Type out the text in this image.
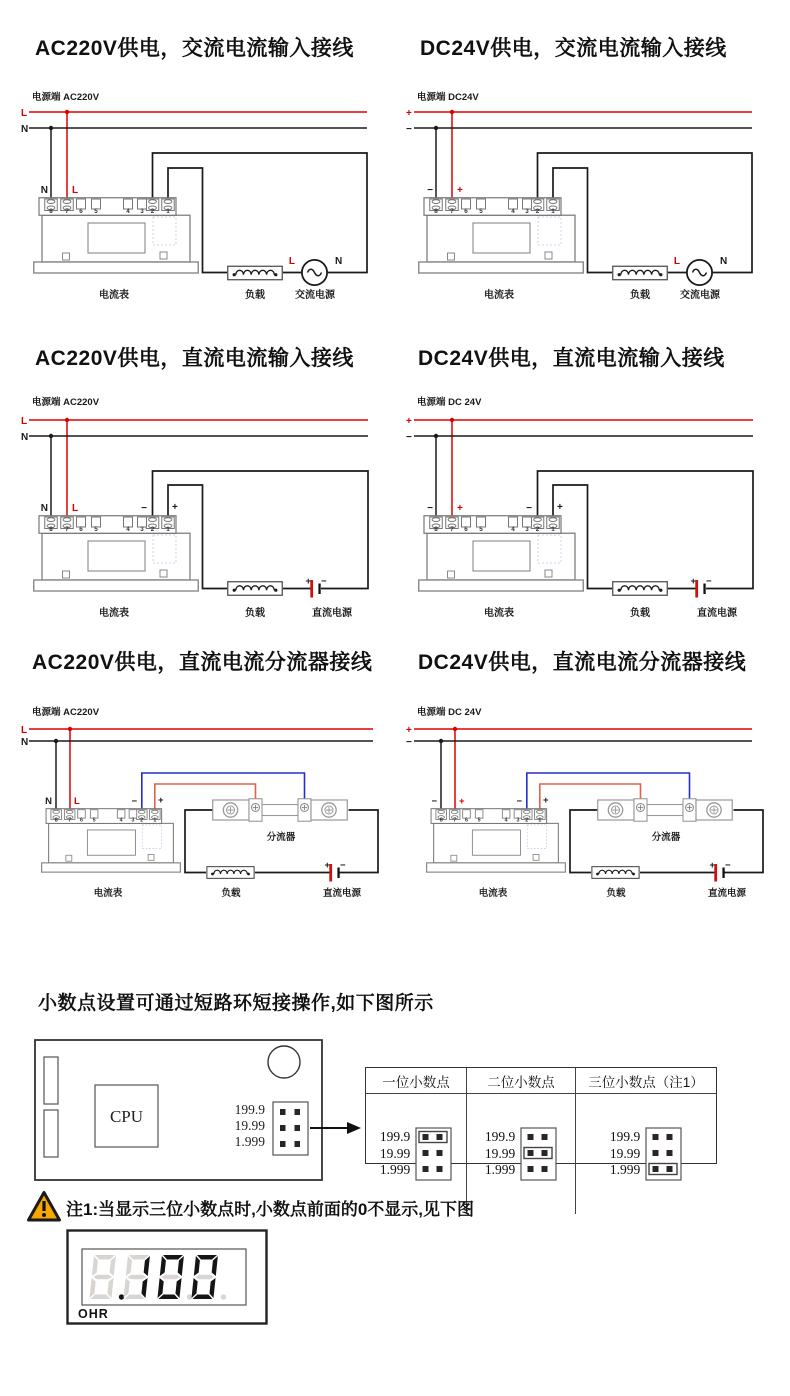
AC220V供电，交流电流输入接线	DC24V供电，交流电流输入接线
AC220V供电，直流电流输入接线	DC24V供电，直流电流输入接线
AC220V供电，直流电流分流器接线 DC24V供电，直流电流分流器接线
电源端 AC220V
L
N
N L
电流表	负载
L	N
交流电源
电源端 DC24V
+
−
− +
电流表	负载
L	N
交流电源
电源端 AC220V
L
N
N L	−	+
电流表	负载	直流电源
电源端 DC 24V
+
−
− +	−	+
电流表	负载	直流电源
电源端 AC220V
L
N
N L	− +
电流表
分流器
负载	直流电源
电源端 DC 24V
+
−
− +	− +
电流表
分流器
负载	直流电源
小数点设置可通过短路环短接操作,如下图所示
CPU	199.9
19.99
1.999
一位小数点	二位小数点	三位小数点（注1）

199.9
19.99
1.999

199.9
19.99
1.999

199.9
19.99
1.999

注1:当显示三位小数点时,小数点前面的0不显示,见下图
OHR
